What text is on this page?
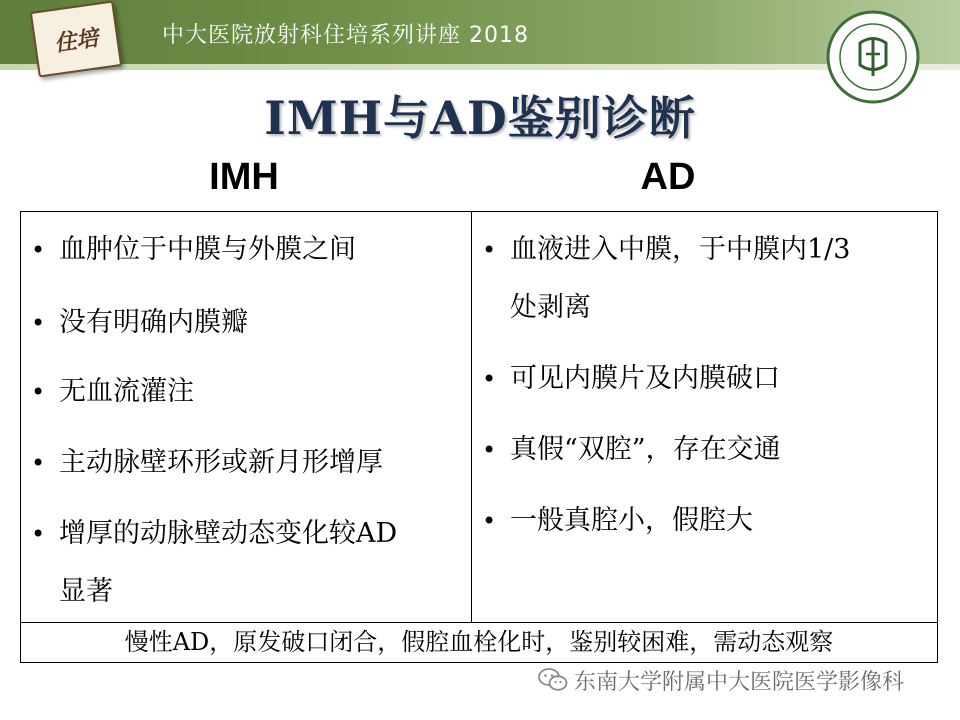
住培	中大医院放射科住培系列讲座 2018
IMH与AD鉴别诊断
IMH	AD
• 血肿位于中膜与外膜之间
• 没有明确内膜瓣
• 无血流灌注
• 主动脉壁环形或新月形增厚
• 增厚的动脉壁动态变化较AD
显著
• 血液进入中膜，于中膜内1/3
处剥离
• 可见内膜片及内膜破口
• 真假“双腔”，存在交通
• 一般真腔小，假腔大
慢性AD，原发破口闭合，假腔血栓化时，鉴别较困难，需动态观察
东南大学附属中大医院医学影像科
